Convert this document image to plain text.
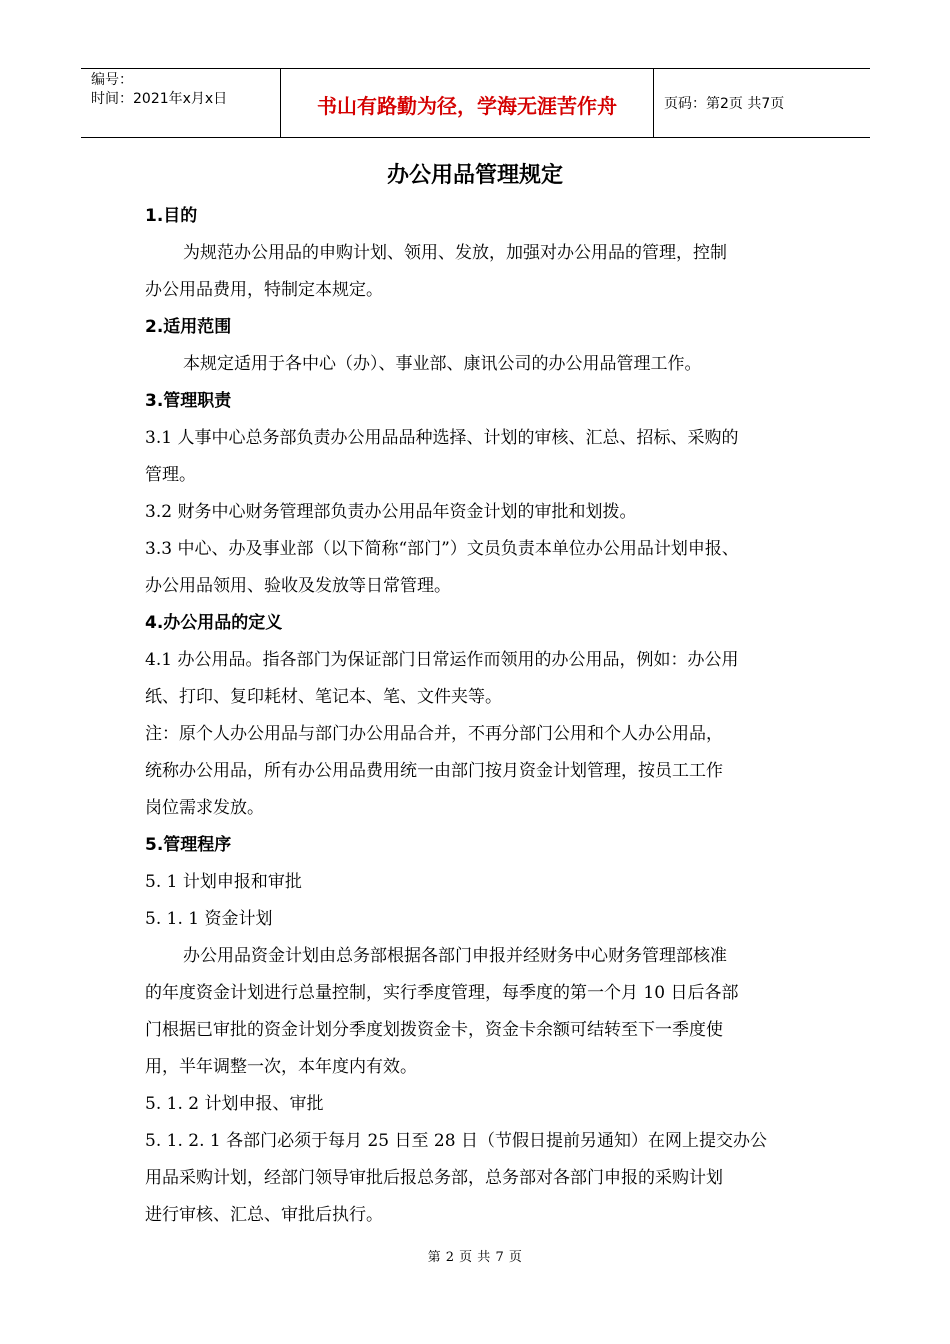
编号：
时间：2021年x月x日	书山有路勤为径，学海无涯苦作舟	页码：第2页 共7页
办公用品管理规定

1.目的

为规范办公用品的申购计划、领用、发放，加强对办公用品的管理，控制

办公用品费用，特制定本规定。

2.适用范围

本规定适用于各中心（办）、事业部、康讯公司的办公用品管理工作。

3.管理职责

3.1 人事中心总务部负责办公用品品种选择、计划的审核、汇总、招标、采购的

管理。

3.2 财务中心财务管理部负责办公用品年资金计划的审批和划拨。

3.3 中心、办及事业部（以下简称“部门”）文员负责本单位办公用品计划申报、

办公用品领用、验收及发放等日常管理。

4.办公用品的定义

4.1 办公用品。指各部门为保证部门日常运作而领用的办公用品，例如：办公用

纸、打印、复印耗材、笔记本、笔、文件夹等。

注：原个人办公用品与部门办公用品合并，不再分部门公用和个人办公用品，

统称办公用品，所有办公用品费用统一由部门按月资金计划管理，按员工工作

岗位需求发放。

5.管理程序

5. 1 计划申报和审批

5. 1. 1 资金计划

办公用品资金计划由总务部根据各部门申报并经财务中心财务管理部核准

的年度资金计划进行总量控制，实行季度管理，每季度的第一个月 10 日后各部

门根据已审批的资金计划分季度划拨资金卡，资金卡余额可结转至下一季度使

用，半年调整一次，本年度内有效。

5. 1. 2 计划申报、审批

5. 1. 2. 1 各部门必须于每月 25 日至 28 日（节假日提前另通知）在网上提交办公

用品采购计划，经部门领导审批后报总务部，总务部对各部门申报的采购计划

进行审核、汇总、审批后执行。

第 2 页 共 7 页
